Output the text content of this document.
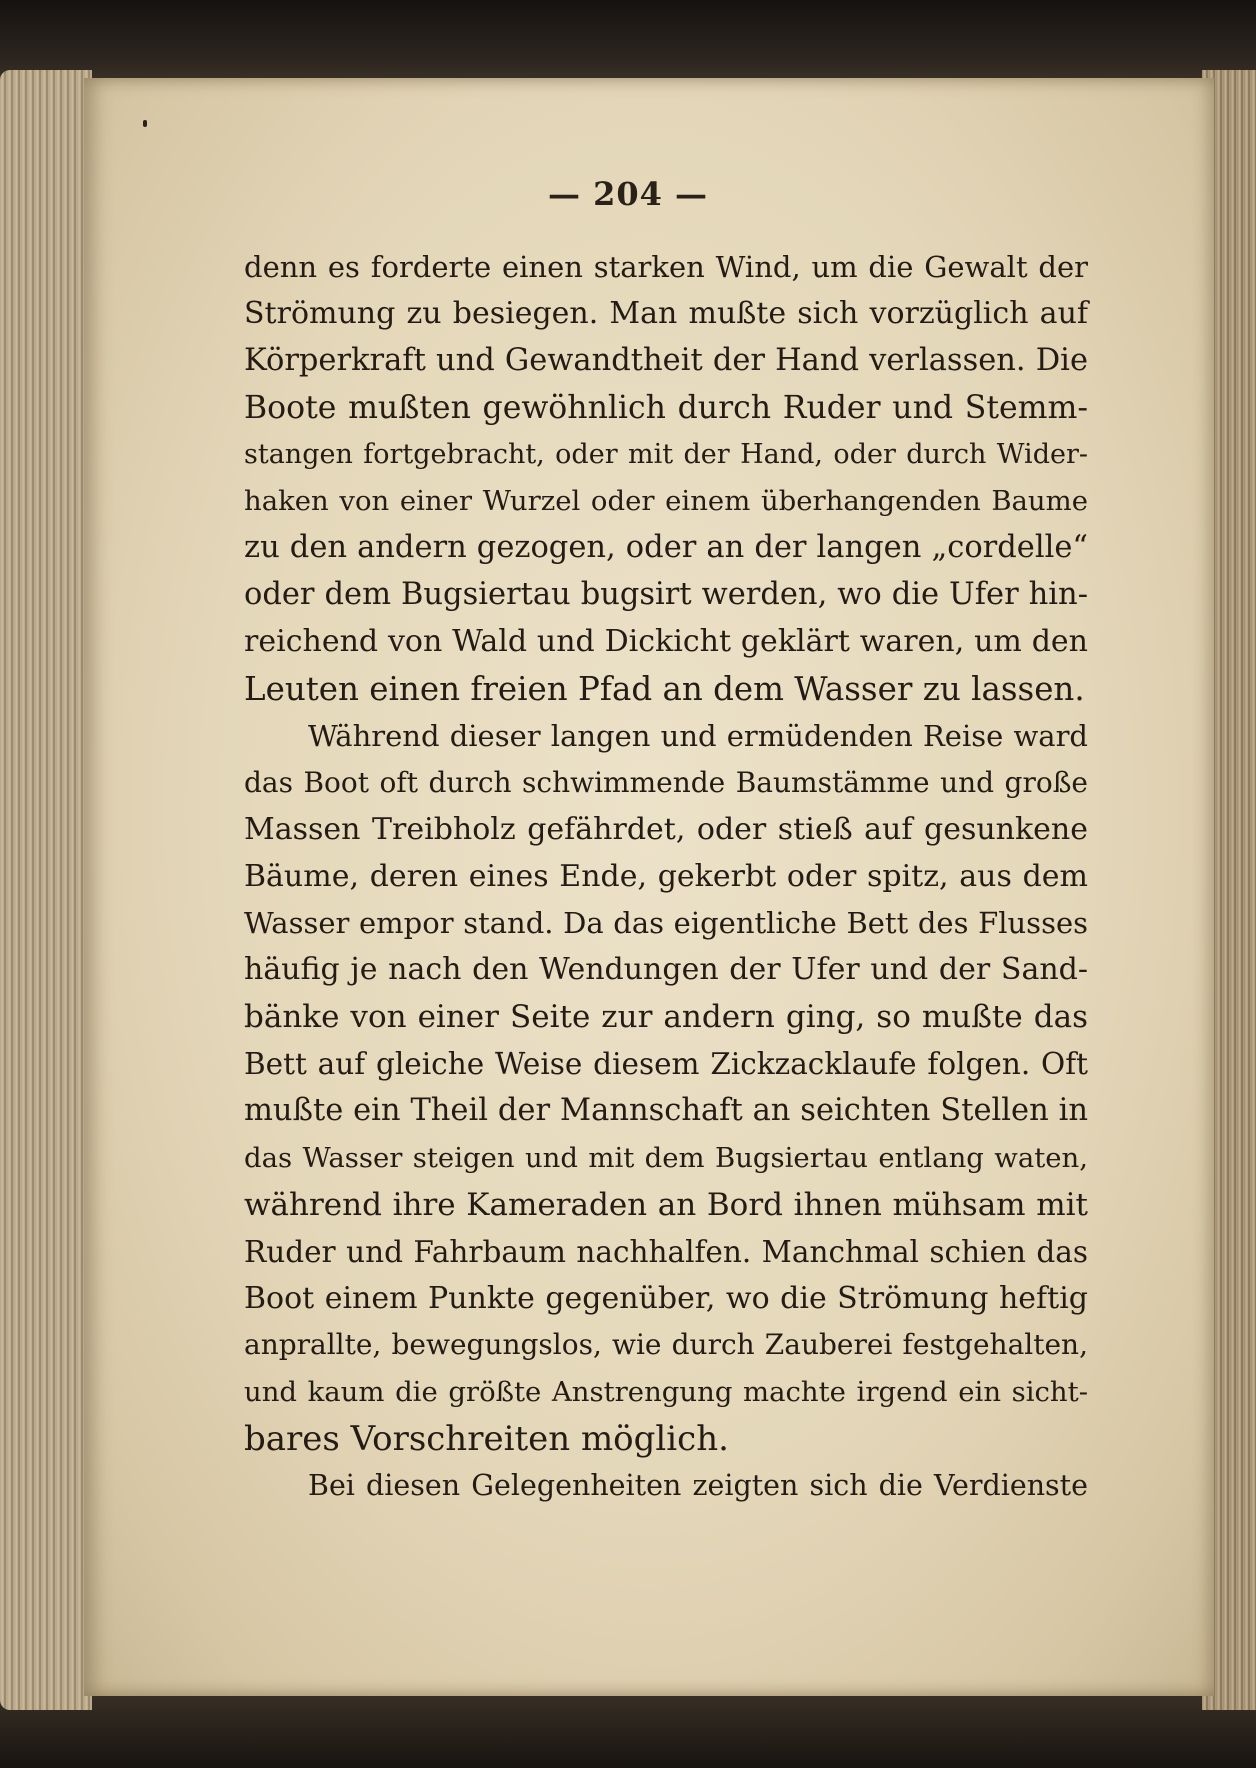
— 204 —
denn es forderte einen starken Wind, um die Gewalt der
Strömung zu besiegen. Man mußte sich vorzüglich auf
Körperkraft und Gewandtheit der Hand verlassen. Die
Boote mußten gewöhnlich durch Ruder und Stemm-
stangen fortgebracht, oder mit der Hand, oder durch Wider-
haken von einer Wurzel oder einem überhangenden Baume
zu den andern gezogen, oder an der langen „cordelle“
oder dem Bugsiertau bugsirt werden, wo die Ufer hin-
reichend von Wald und Dickicht geklärt waren, um den
Leuten einen freien Pfad an dem Wasser zu lassen.
Während dieser langen und ermüdenden Reise ward
das Boot oft durch schwimmende Baumstämme und große
Massen Treibholz gefährdet, oder stieß auf gesunkene
Bäume, deren eines Ende, gekerbt oder spitz, aus dem
Wasser empor stand. Da das eigentliche Bett des Flusses
häufig je nach den Wendungen der Ufer und der Sand-
bänke von einer Seite zur andern ging, so mußte das
Bett auf gleiche Weise diesem Zickzacklaufe folgen. Oft
mußte ein Theil der Mannschaft an seichten Stellen in
das Wasser steigen und mit dem Bugsiertau entlang waten,
während ihre Kameraden an Bord ihnen mühsam mit
Ruder und Fahrbaum nachhalfen. Manchmal schien das
Boot einem Punkte gegenüber, wo die Strömung heftig
anprallte, bewegungslos, wie durch Zauberei festgehalten,
und kaum die größte Anstrengung machte irgend ein sicht-
bares Vorschreiten möglich.
Bei diesen Gelegenheiten zeigten sich die Verdienste
